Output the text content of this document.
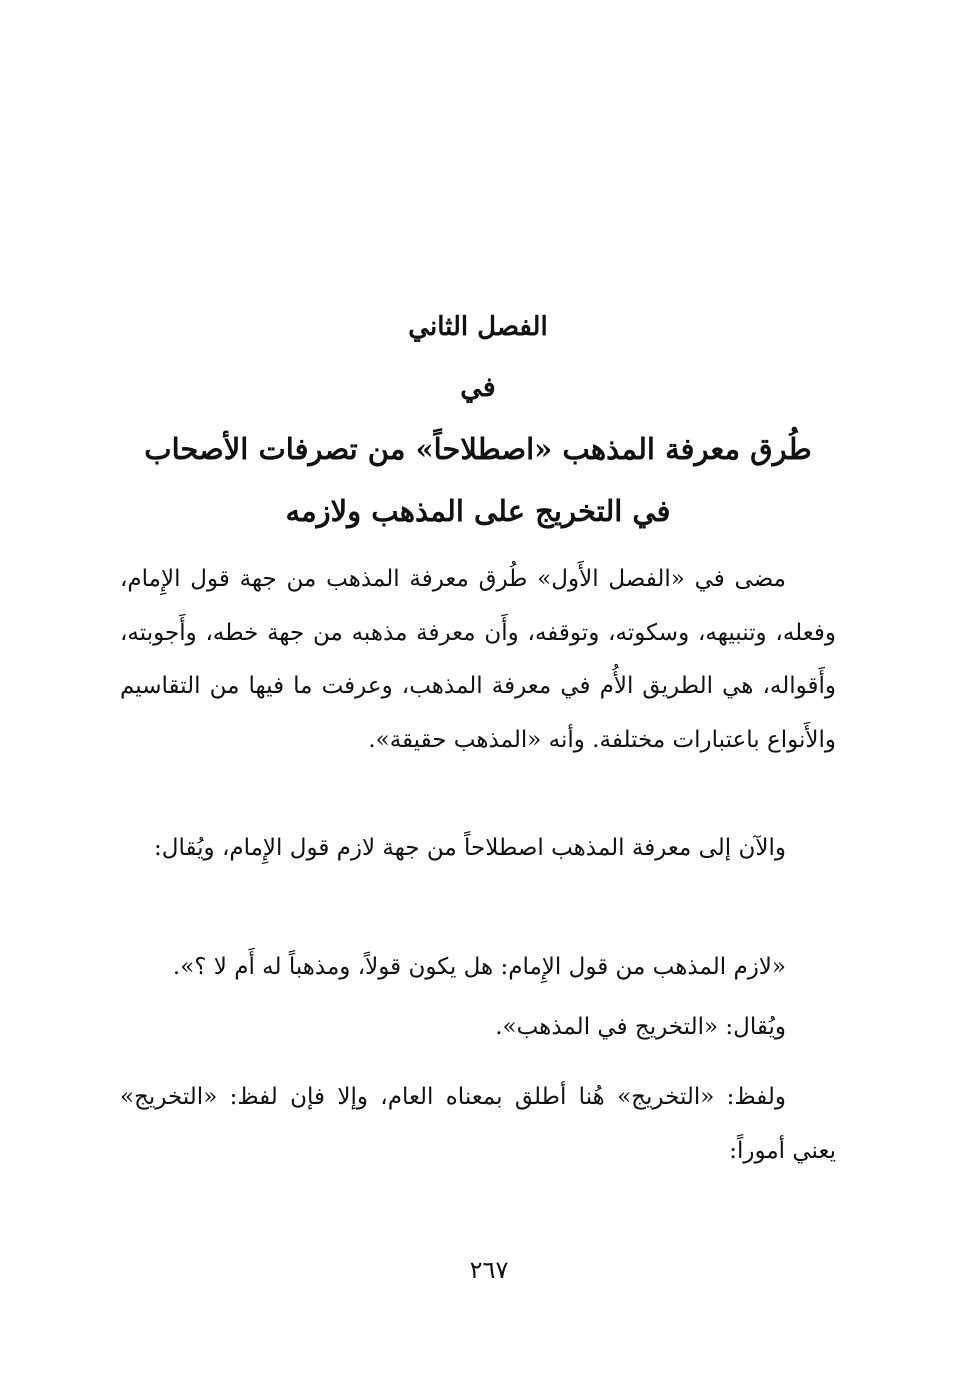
الفصل الثاني
في
طُرق معرفة المذهب «اصطلاحاً» من تصرفات الأصحاب
في التخريج على المذهب ولازمه

مضى في «الفصل الأَول» طُرق معرفة المذهب من جهة قول الإِمام، وفعله، وتنبيهه، وسكوته، وتوقفه، وأَن معرفة مذهبه من جهة خطه، وأَجوبته، وأَقواله، هي الطريق الأُم في معرفة المذهب، وعرفت ما فيها من التقاسيم والأَنواع باعتبارات مختلفة. وأنه «المذهب حقيقة».

والآن إلى معرفة المذهب اصطلاحاً من جهة لازم قول الإِمام، ويُقال:

«لازم المذهب من قول الإِمام: هل يكون قولاً، ومذهباً له أَم لا ؟».

ويُقال: «التخريج في المذهب».

ولفظ: «التخريج» هُنا أطلق بمعناه العام، وإلا فإن لفظ: «التخريج» يعني أموراً:

٢٦٧
